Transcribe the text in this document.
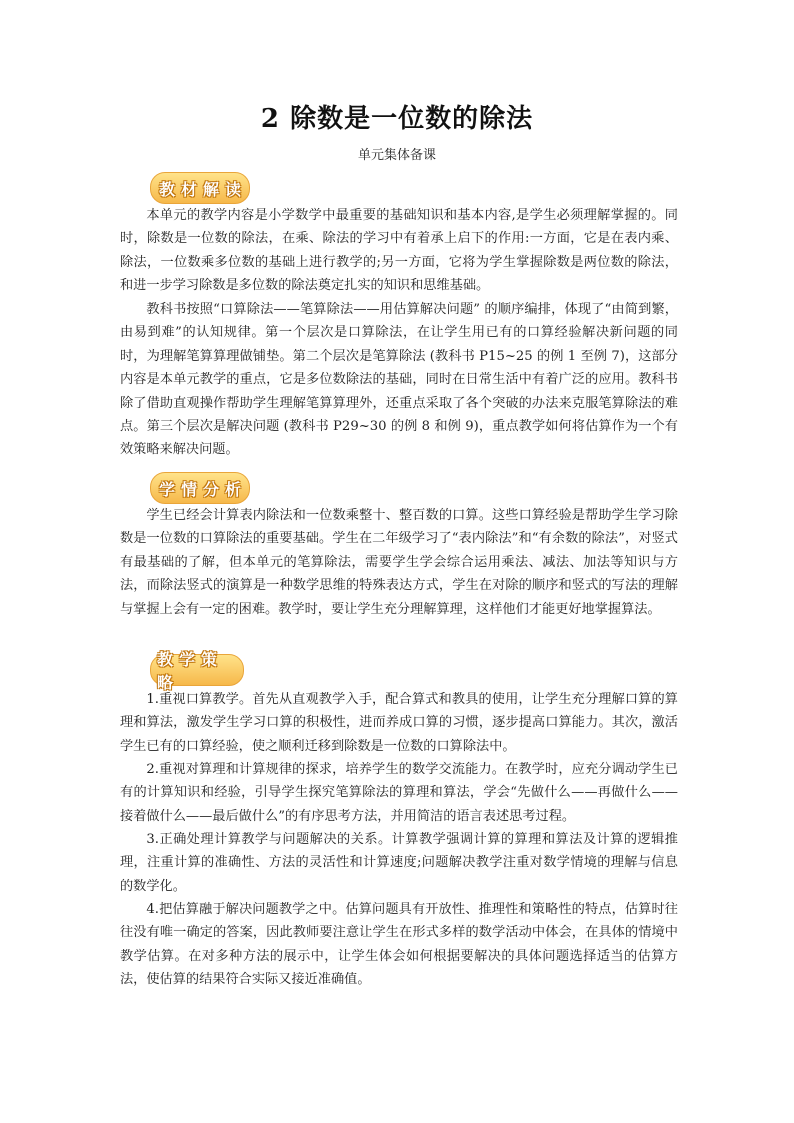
2 除数是一位数的除法
单元集体备课
教材解读

本单元的教学内容是小学数学中最重要的基础知识和基本内容,是学生必须理解掌握的。同时，除数是一位数的除法，在乘、除法的学习中有着承上启下的作用:一方面，它是在表内乘、除法，一位数乘多位数的基础上进行教学的;另一方面，它将为学生掌握除数是两位数的除法，和进一步学习除数是多位数的除法奠定扎实的知识和思维基础。

教科书按照“口算除法——笔算除法——用估算解决问题” 的顺序编排，体现了“由简到繁，由易到难”的认知规律。第一个层次是口算除法，在让学生用已有的口算经验解决新问题的同时，为理解笔算算理做铺垫。第二个层次是笔算除法 (教科书 P15~25 的例 1 至例 7)，这部分内容是本单元教学的重点，它是多位数除法的基础，同时在日常生活中有着广泛的应用。教科书除了借助直观操作帮助学生理解笔算算理外，还重点采取了各个突破的办法来克服笔算除法的难点。第三个层次是解决问题 (教科书 P29~30 的例 8 和例 9)，重点教学如何将估算作为一个有效策略来解决问题。

学情分析

学生已经会计算表内除法和一位数乘整十、整百数的口算。这些口算经验是帮助学生学习除数是一位数的口算除法的重要基础。学生在二年级学习了“表内除法”和“有余数的除法”，对竖式有最基础的了解，但本单元的笔算除法，需要学生学会综合运用乘法、减法、加法等知识与方法，而除法竖式的演算是一种数学思维的特殊表达方式，学生在对除的顺序和竖式的写法的理解与掌握上会有一定的困难。教学时，要让学生充分理解算理，这样他们才能更好地掌握算法。

教学策略

1.重视口算教学。首先从直观教学入手，配合算式和教具的使用，让学生充分理解口算的算理和算法，激发学生学习口算的积极性，进而养成口算的习惯，逐步提高口算能力。其次，激活学生已有的口算经验，使之顺利迁移到除数是一位数的口算除法中。

2.重视对算理和计算规律的探求，培养学生的数学交流能力。在教学时，应充分调动学生已有的计算知识和经验，引导学生探究笔算除法的算理和算法，学会“先做什么——再做什么——接着做什么——最后做什么”的有序思考方法，并用简洁的语言表述思考过程。

3.正确处理计算教学与问题解决的关系。计算教学强调计算的算理和算法及计算的逻辑推理，注重计算的准确性、方法的灵活性和计算速度;问题解决教学注重对数学情境的理解与信息的数学化。

4.把估算融于解决问题教学之中。估算问题具有开放性、推理性和策略性的特点，估算时往往没有唯一确定的答案，因此教师要注意让学生在形式多样的数学活动中体会，在具体的情境中教学估算。在对多种方法的展示中，让学生体会如何根据要解决的具体问题选择适当的估算方法，使估算的结果符合实际又接近准确值。
